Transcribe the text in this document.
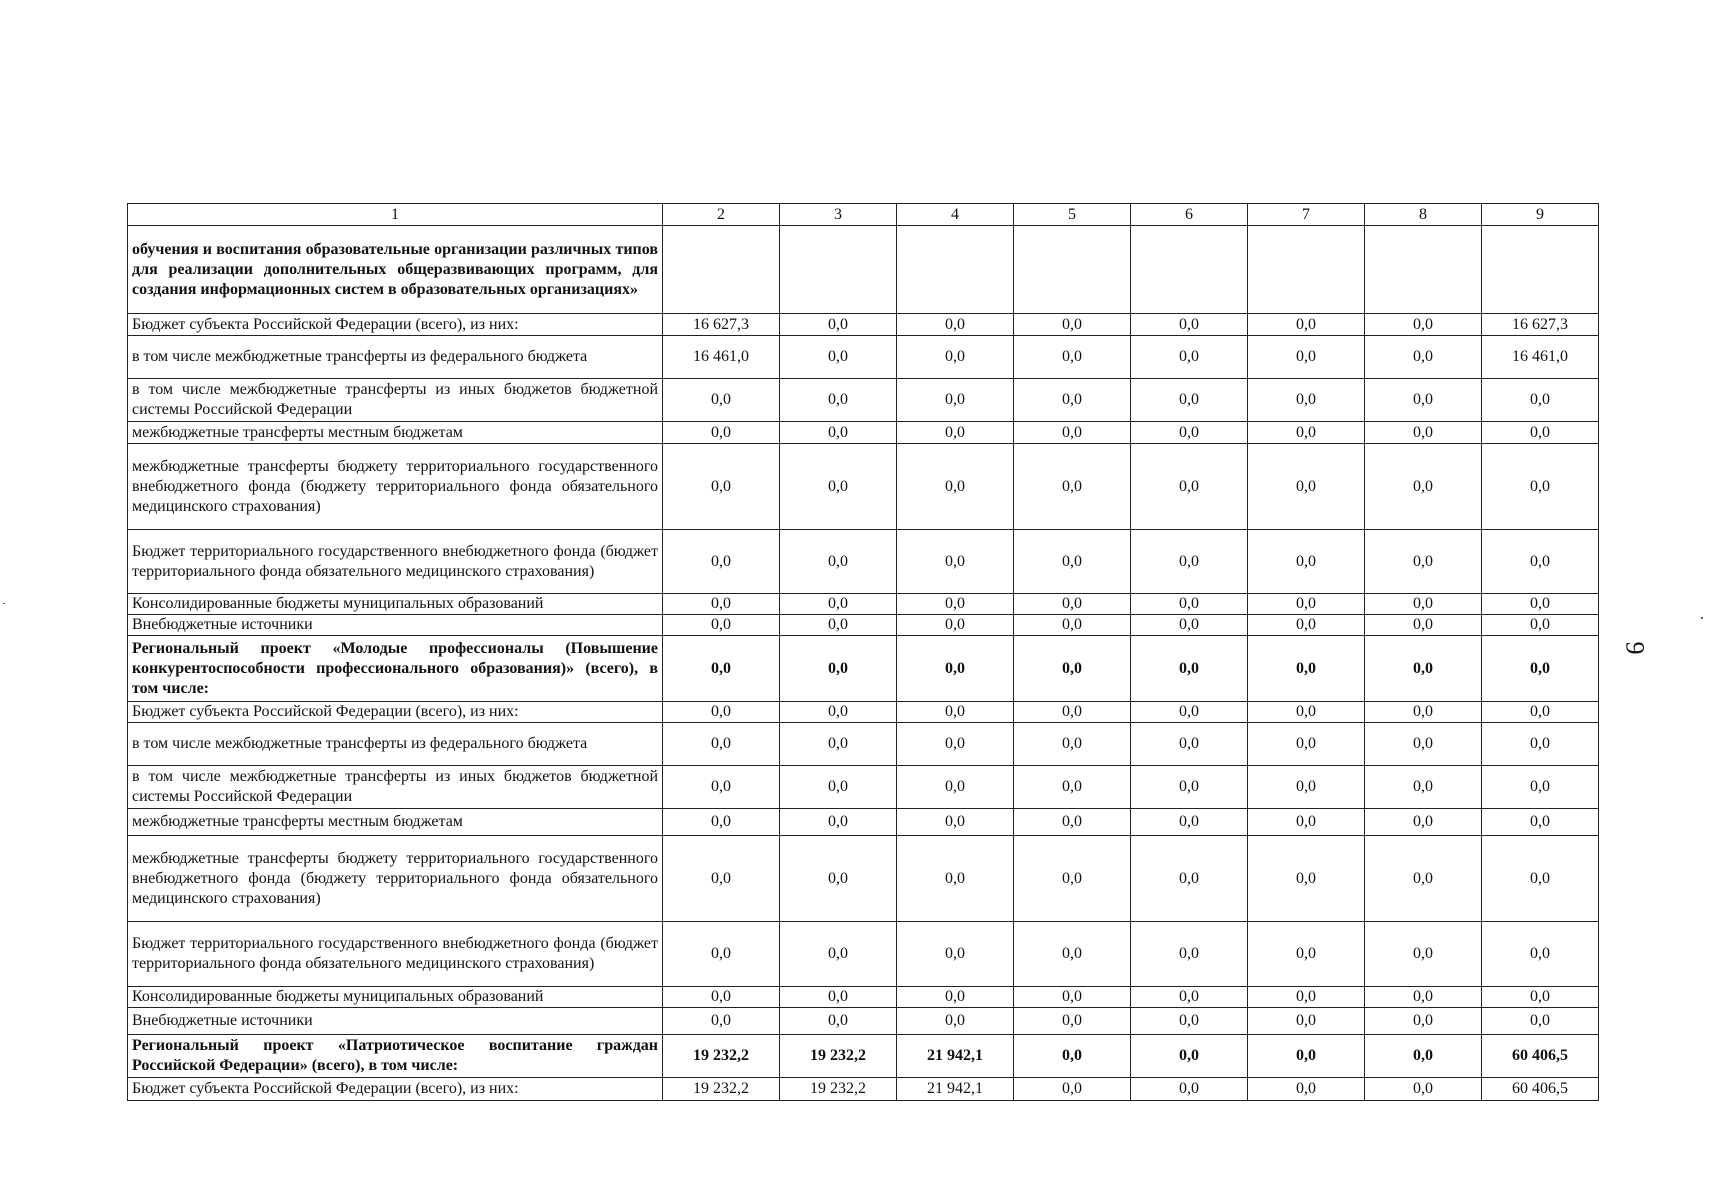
1	2	3	4	5	6	7	8	9
обучения и воспитания образовательные организации различных типов для реализации дополнительных общеразвивающих программ, для создания информационных систем в образовательных организациях»								
Бюджет субъекта Российской Федерации (всего), из них:	16 627,3	0,0	0,0	0,0	0,0	0,0	0,0	16 627,3
в том числе межбюджетные трансферты из федерального бюджета	16 461,0	0,0	0,0	0,0	0,0	0,0	0,0	16 461,0
в том числе межбюджетные трансферты из иных бюджетов бюджетной системы Российской Федерации	0,0	0,0	0,0	0,0	0,0	0,0	0,0	0,0
межбюджетные трансферты местным бюджетам	0,0	0,0	0,0	0,0	0,0	0,0	0,0	0,0
межбюджетные трансферты бюджету территориального государственного внебюджетного фонда (бюджету территориального фонда обязательного медицинского страхования)	0,0	0,0	0,0	0,0	0,0	0,0	0,0	0,0
Бюджет территориального государственного внебюджетного фонда (бюджет территориального фонда обязательного медицинского страхования)	0,0	0,0	0,0	0,0	0,0	0,0	0,0	0,0
Консолидированные бюджеты муниципальных образований	0,0	0,0	0,0	0,0	0,0	0,0	0,0	0,0
Внебюджетные источники	0,0	0,0	0,0	0,0	0,0	0,0	0,0	0,0
Региональный проект «Молодые профессионалы (Повышение конкурентоспособности профессионального образования)» (всего), в том числе:	0,0	0,0	0,0	0,0	0,0	0,0	0,0	0,0
Бюджет субъекта Российской Федерации (всего), из них:	0,0	0,0	0,0	0,0	0,0	0,0	0,0	0,0
в том числе межбюджетные трансферты из федерального бюджета	0,0	0,0	0,0	0,0	0,0	0,0	0,0	0,0
в том числе межбюджетные трансферты из иных бюджетов бюджетной системы Российской Федерации	0,0	0,0	0,0	0,0	0,0	0,0	0,0	0,0
межбюджетные трансферты местным бюджетам	0,0	0,0	0,0	0,0	0,0	0,0	0,0	0,0
межбюджетные трансферты бюджету территориального государственного внебюджетного фонда (бюджету территориального фонда обязательного медицинского страхования)	0,0	0,0	0,0	0,0	0,0	0,0	0,0	0,0
Бюджет территориального государственного внебюджетного фонда (бюджет территориального фонда обязательного медицинского страхования)	0,0	0,0	0,0	0,0	0,0	0,0	0,0	0,0
Консолидированные бюджеты муниципальных образований	0,0	0,0	0,0	0,0	0,0	0,0	0,0	0,0
Внебюджетные источники	0,0	0,0	0,0	0,0	0,0	0,0	0,0	0,0
Региональный проект «Патриотическое воспитание граждан Российской Федерации» (всего), в том числе:	19 232,2	19 232,2	21 942,1	0,0	0,0	0,0	0,0	60 406,5
Бюджет субъекта Российской Федерации (всего), из них:	19 232,2	19 232,2	21 942,1	0,0	0,0	0,0	0,0	60 406,5
9
